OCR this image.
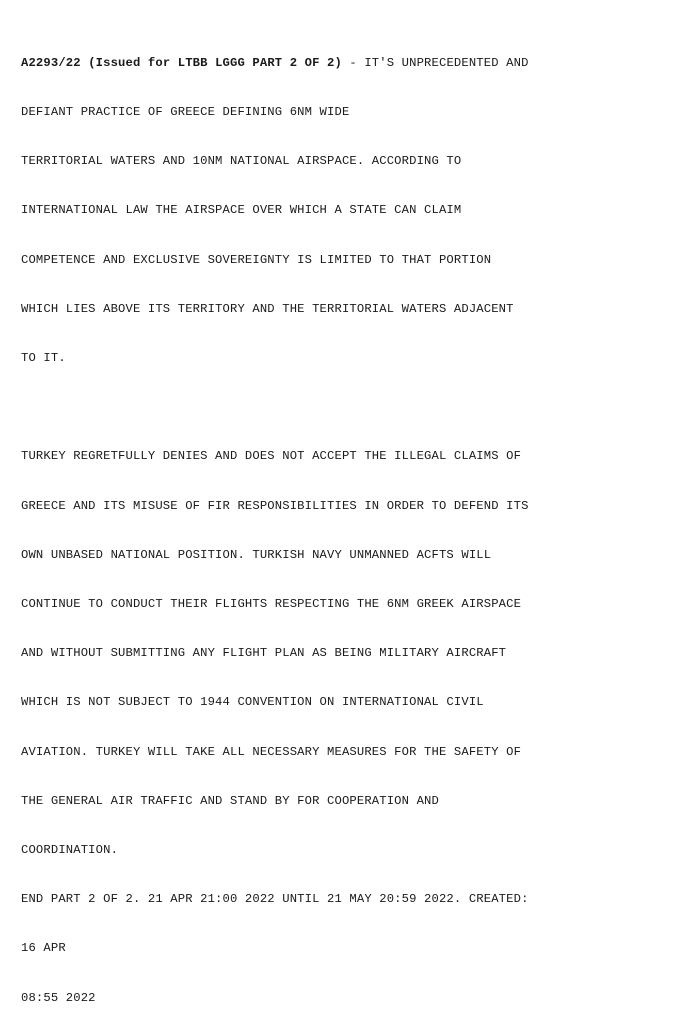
A2293/22 (Issued for LTBB LGGG PART 2 OF 2) - IT'S UNPRECEDENTED AND

DEFIANT PRACTICE OF GREECE DEFINING 6NM WIDE

TERRITORIAL WATERS AND 10NM NATIONAL AIRSPACE. ACCORDING TO

INTERNATIONAL LAW THE AIRSPACE OVER WHICH A STATE CAN CLAIM

COMPETENCE AND EXCLUSIVE SOVEREIGNTY IS LIMITED TO THAT PORTION

WHICH LIES ABOVE ITS TERRITORY AND THE TERRITORIAL WATERS ADJACENT

TO IT.

TURKEY REGRETFULLY DENIES AND DOES NOT ACCEPT THE ILLEGAL CLAIMS OF

GREECE AND ITS MISUSE OF FIR RESPONSIBILITIES IN ORDER TO DEFEND ITS

OWN UNBASED NATIONAL POSITION. TURKISH NAVY UNMANNED ACFTS WILL

CONTINUE TO CONDUCT THEIR FLIGHTS RESPECTING THE 6NM GREEK AIRSPACE

AND WITHOUT SUBMITTING ANY FLIGHT PLAN AS BEING MILITARY AIRCRAFT

WHICH IS NOT SUBJECT TO 1944 CONVENTION ON INTERNATIONAL CIVIL

AVIATION. TURKEY WILL TAKE ALL NECESSARY MEASURES FOR THE SAFETY OF

THE GENERAL AIR TRAFFIC AND STAND BY FOR COOPERATION AND

COORDINATION.

END PART 2 OF 2. 21 APR 21:00 2022 UNTIL 21 MAY 20:59 2022. CREATED:

16 APR

08:55 2022
